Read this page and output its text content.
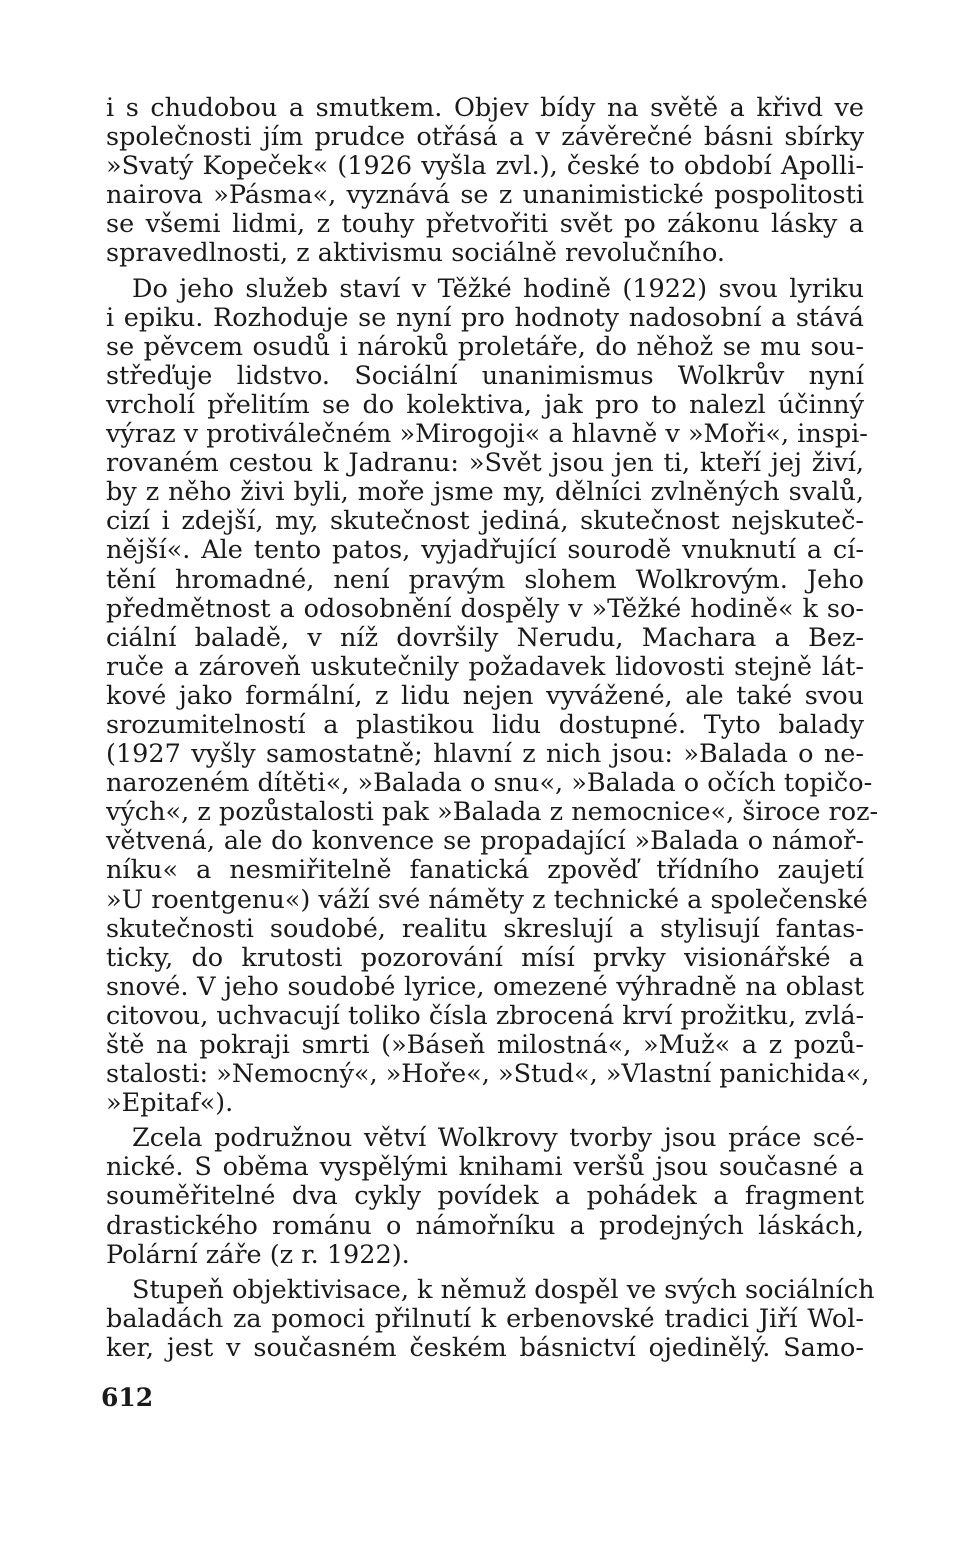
i s chudobou a smutkem. Objev bídy na světě a křivd ve
společnosti jím prudce otřásá a v závěrečné básni sbírky
»Svatý Kopeček« (1926 vyšla zvl.), české to období Apolli-
nairova »Pásma«, vyznává se z unanimistické pospolitosti
se všemi lidmi, z touhy přetvořiti svět po zákonu lásky a
spravedlnosti, z aktivismu sociálně revolučního.
Do jeho služeb staví v Těžké hodině (1922) svou lyriku
i epiku. Rozhoduje se nyní pro hodnoty nadosobní a stává
se pěvcem osudů i nároků proletáře, do něhož se mu sou-
střeďuje lidstvo. Sociální unanimismus Wolkrův nyní
vrcholí přelitím se do kolektiva, jak pro to nalezl účinný
výraz v protiválečném »Mirogoji« a hlavně v »Moři«, inspi-
rovaném cestou k Jadranu: »Svět jsou jen ti, kteří jej živí,
by z něho živi byli, moře jsme my, dělníci zvlněných svalů,
cizí i zdejší, my, skutečnost jediná, skutečnost nejskuteč-
nější«. Ale tento patos, vyjadřující sourodě vnuknutí a cí-
tění hromadné, není pravým slohem Wolkrovým. Jeho
předmětnost a odosobnění dospěly v »Těžké hodině« k so-
ciální baladě, v níž dovršily Nerudu, Machara a Bez-
ruče a zároveň uskutečnily požadavek lidovosti stejně lát-
kové jako formální, z lidu nejen vyvážené, ale také svou
srozumitelností a plastikou lidu dostupné. Tyto balady
(1927 vyšly samostatně; hlavní z nich jsou: »Balada o ne-
narozeném dítěti«, »Balada o snu«, »Balada o očích topičo-
vých«, z pozůstalosti pak »Balada z nemocnice«, široce roz-
větvená, ale do konvence se propadající »Balada o námoř-
níku« a nesmiřitelně fanatická zpověď třídního zaujetí
»U roentgenu«) váží své náměty z technické a společenské
skutečnosti soudobé, realitu skreslují a stylisují fantas-
ticky, do krutosti pozorování mísí prvky visionářské a
snové. V jeho soudobé lyrice, omezené výhradně na oblast
citovou, uchvacují toliko čísla zbrocená krví prožitku, zvlá-
ště na pokraji smrti (»Báseň milostná«, »Muž« a z pozů-
stalosti: »Nemocný«, »Hoře«, »Stud«, »Vlastní panichida«,
»Epitaf«).
Zcela podružnou větví Wolkrovy tvorby jsou práce scé-
nické. S oběma vyspělými knihami veršů jsou současné a
souměřitelné dva cykly povídek a pohádek a fragment
drastického románu o námořníku a prodejných láskách,
Polární záře (z r. 1922).
Stupeň objektivisace, k němuž dospěl ve svých sociálních
baladách za pomoci přilnutí k erbenovské tradici Jiří Wol-
ker, jest v současném českém básnictví ojedinělý. Samo-
612
